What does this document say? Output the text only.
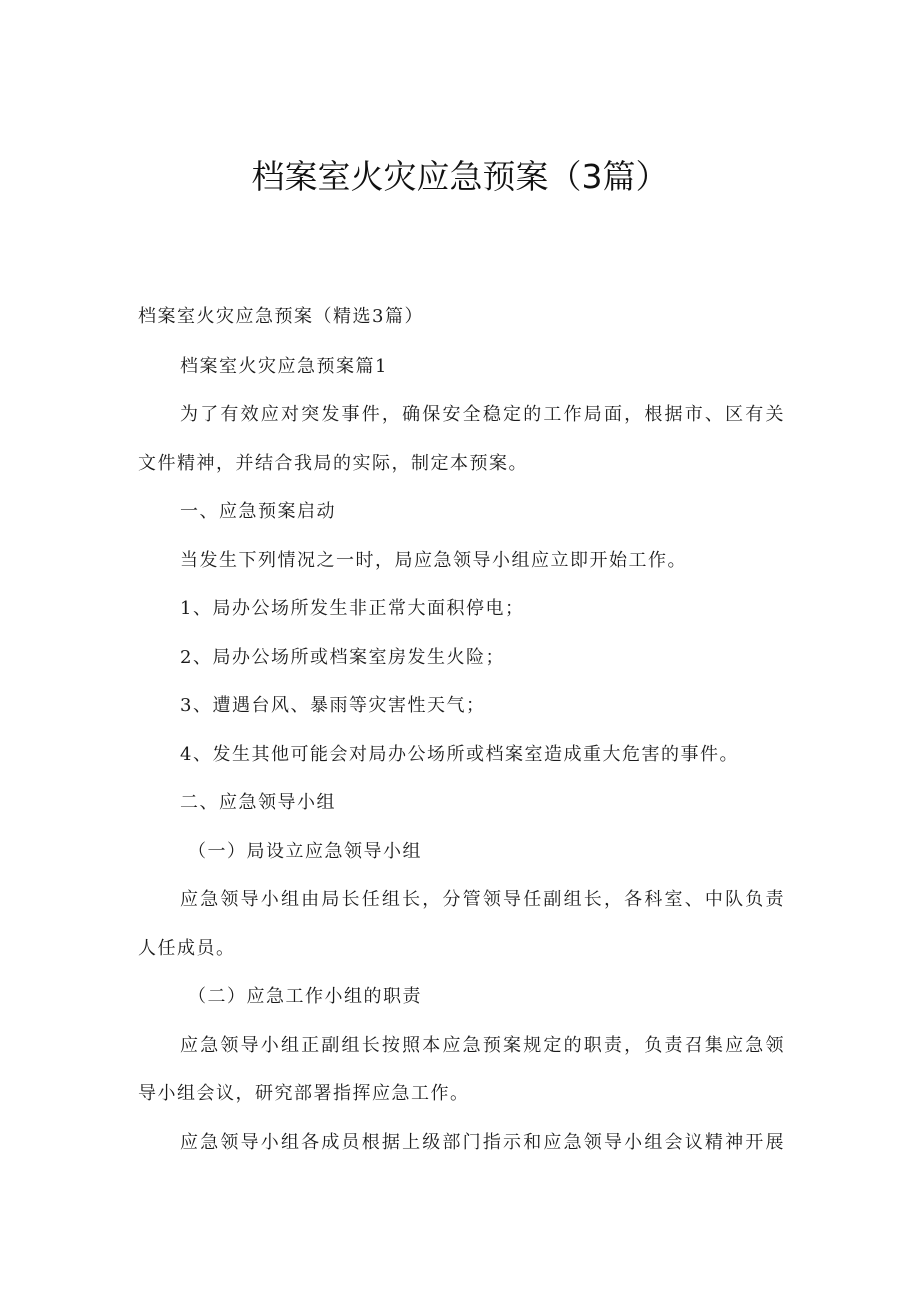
档案室火灾应急预案（3篇）
档案室火灾应急预案（精选3篇）
档案室火灾应急预案篇1
为了有效应对突发事件，确保安全稳定的工作局面，根据市、区有关
文件精神，并结合我局的实际，制定本预案。
一、应急预案启动
当发生下列情况之一时，局应急领导小组应立即开始工作。
1、局办公场所发生非正常大面积停电；
2、局办公场所或档案室房发生火险；
3、遭遇台风、暴雨等灾害性天气；
4、发生其他可能会对局办公场所或档案室造成重大危害的事件。
二、应急领导小组
（一）局设立应急领导小组
应急领导小组由局长任组长，分管领导任副组长，各科室、中队负责
人任成员。
（二）应急工作小组的职责
应急领导小组正副组长按照本应急预案规定的职责，负责召集应急领
导小组会议，研究部署指挥应急工作。
应急领导小组各成员根据上级部门指示和应急领导小组会议精神开展
